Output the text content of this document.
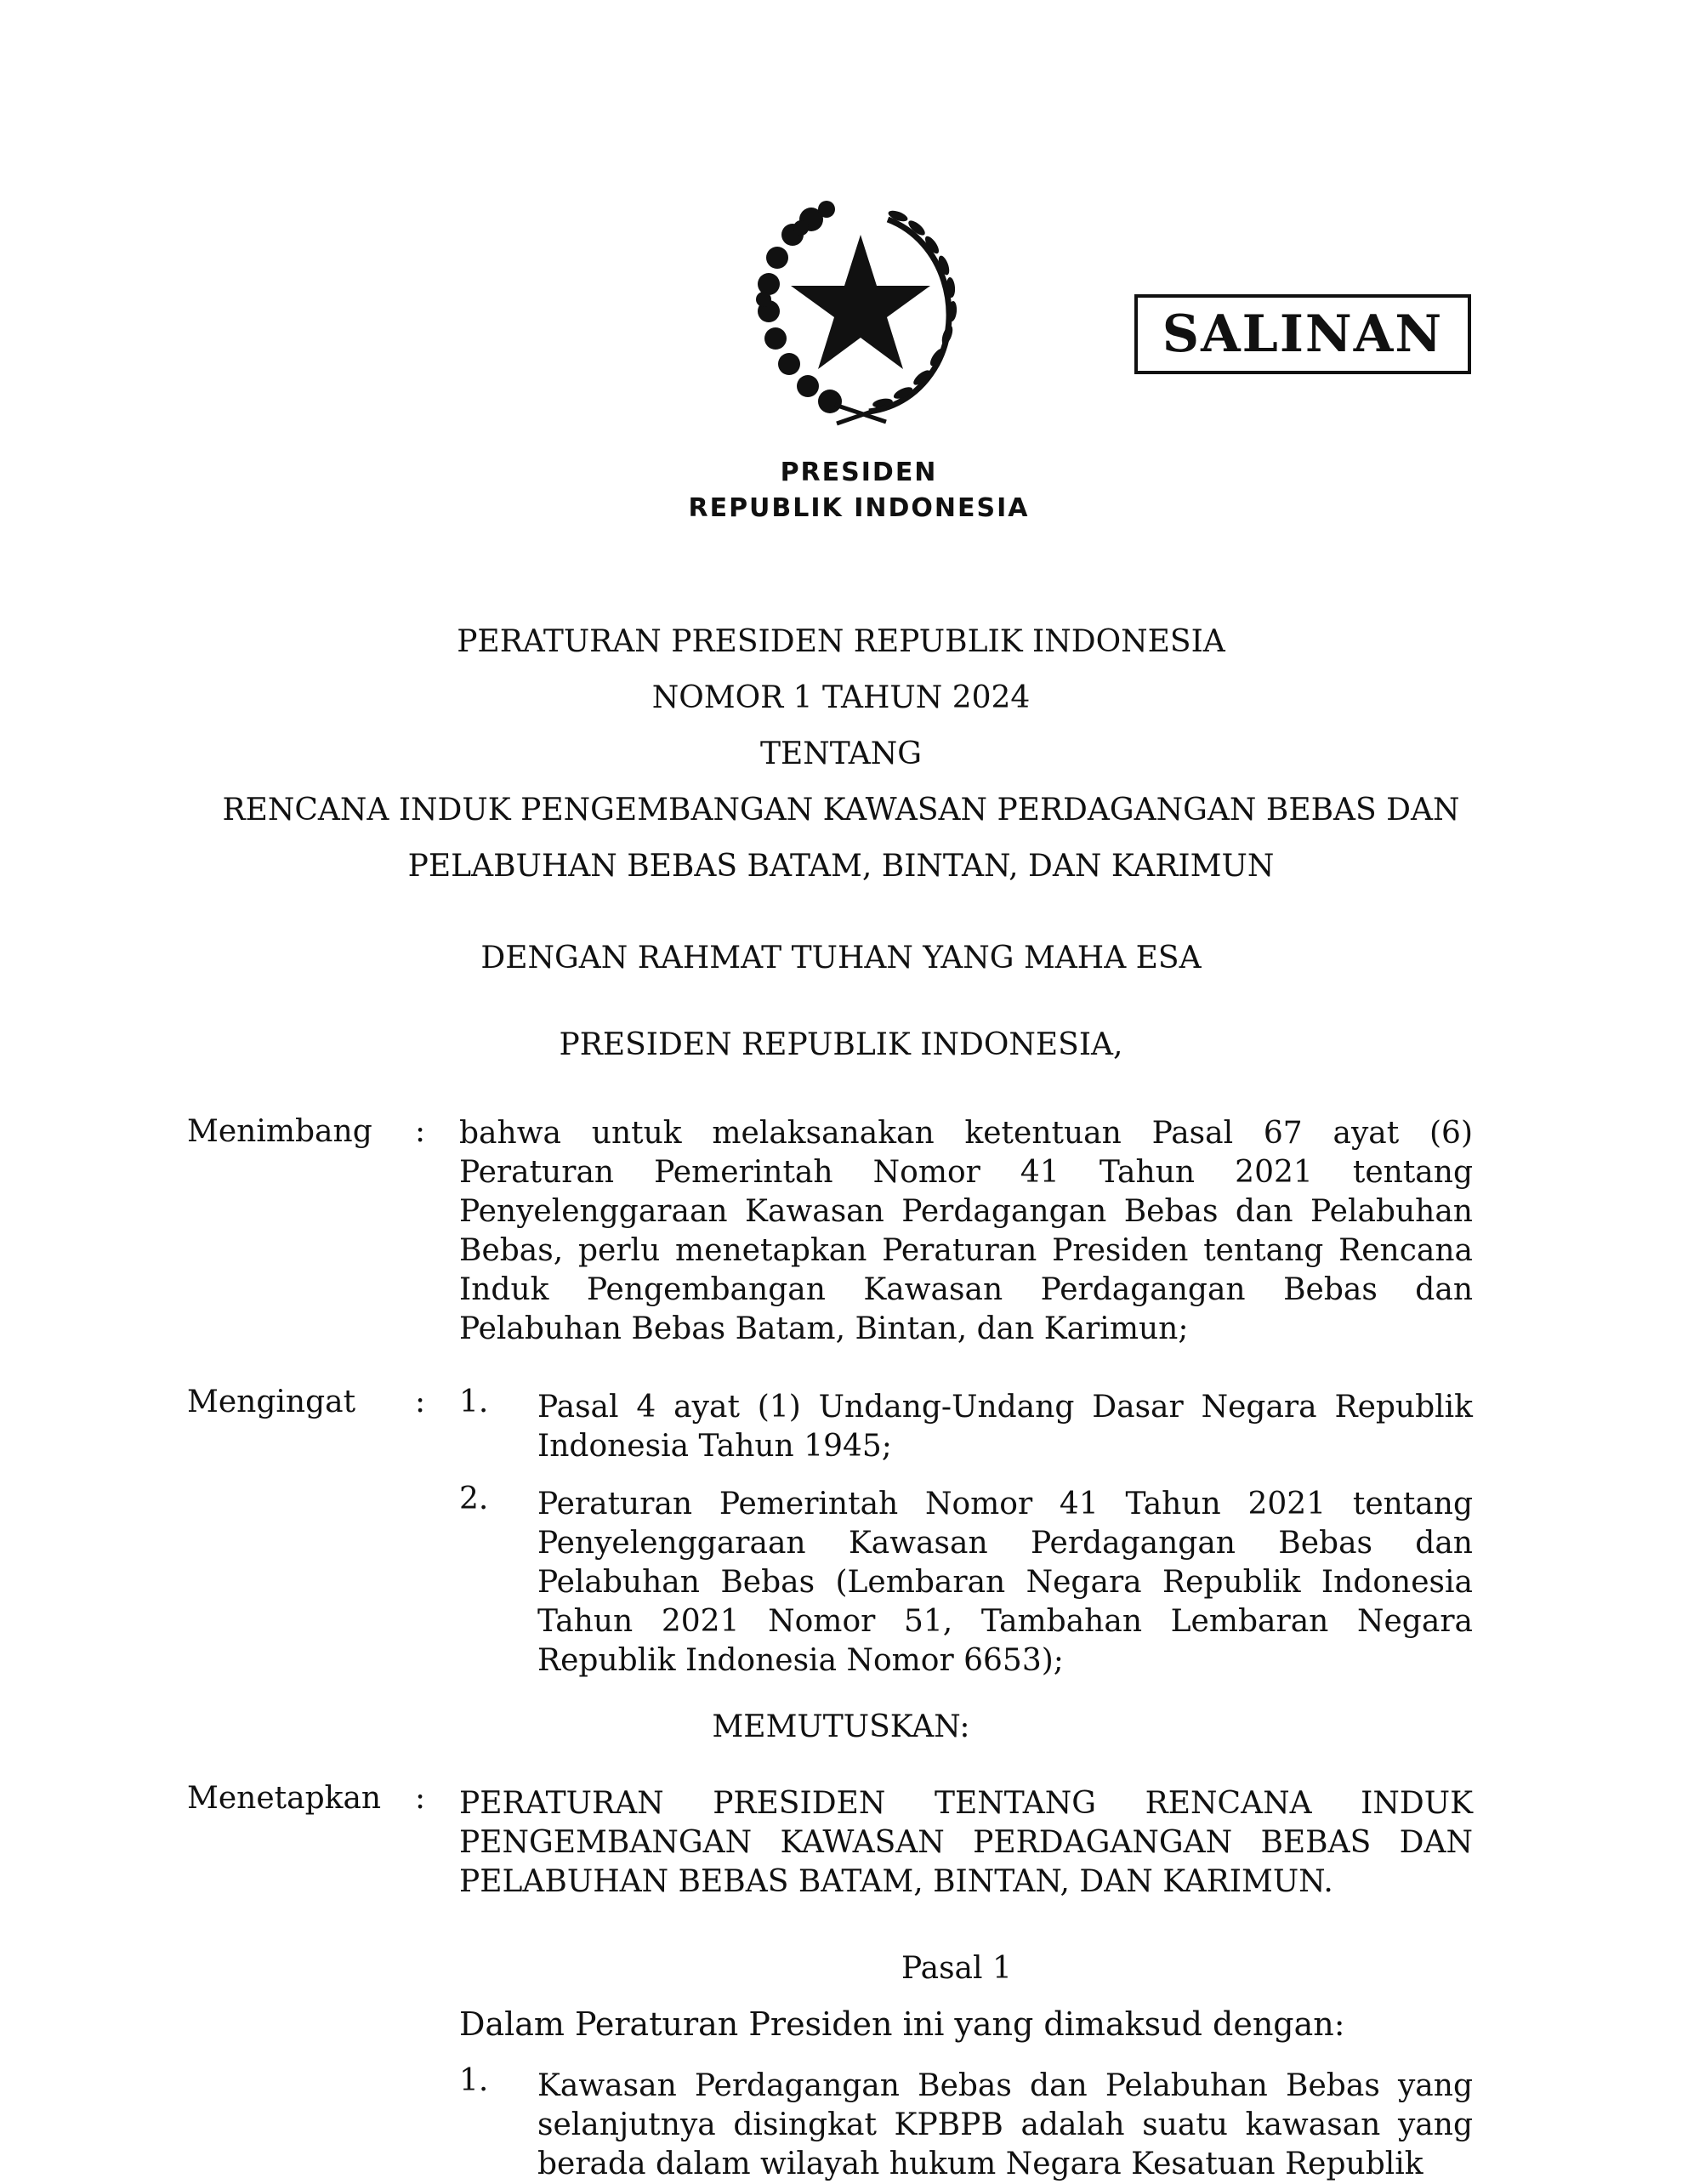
SALINAN
PRESIDEN
REPUBLIK INDONESIA
PERATURAN PRESIDEN REPUBLIK INDONESIA
NOMOR 1 TAHUN 2024
TENTANG
RENCANA INDUK PENGEMBANGAN KAWASAN PERDAGANGAN BEBAS DAN
PELABUHAN BEBAS BATAM, BINTAN, DAN KARIMUN
DENGAN RAHMAT TUHAN YANG MAHA ESA
PRESIDEN REPUBLIK INDONESIA,
Menimbang : bahwa untuk melaksanakan ketentuan Pasal 67 ayat (6) Peraturan Pemerintah Nomor 41 Tahun 2021 tentang Penyelenggaraan Kawasan Perdagangan Bebas dan Pelabuhan Bebas, perlu menetapkan Peraturan Presiden tentang Rencana Induk Pengembangan Kawasan Perdagangan Bebas dan Pelabuhan Bebas Batam, Bintan, dan Karimun;
Mengingat : 1. Pasal 4 ayat (1) Undang-Undang Dasar Negara Republik Indonesia Tahun 1945;
2. Peraturan Pemerintah Nomor 41 Tahun 2021 tentang Penyelenggaraan Kawasan Perdagangan Bebas dan Pelabuhan Bebas (Lembaran Negara Republik Indonesia Tahun 2021 Nomor 51, Tambahan Lembaran Negara Republik Indonesia Nomor 6653);
MEMUTUSKAN:
Menetapkan : PERATURAN PRESIDEN TENTANG RENCANA INDUK PENGEMBANGAN KAWASAN PERDAGANGAN BEBAS DAN PELABUHAN BEBAS BATAM, BINTAN, DAN KARIMUN.
Pasal 1
Dalam Peraturan Presiden ini yang dimaksud dengan:
1. Kawasan Perdagangan Bebas dan Pelabuhan Bebas yang selanjutnya disingkat KPBPB adalah suatu kawasan yang berada dalam wilayah hukum Negara Kesatuan Republik
